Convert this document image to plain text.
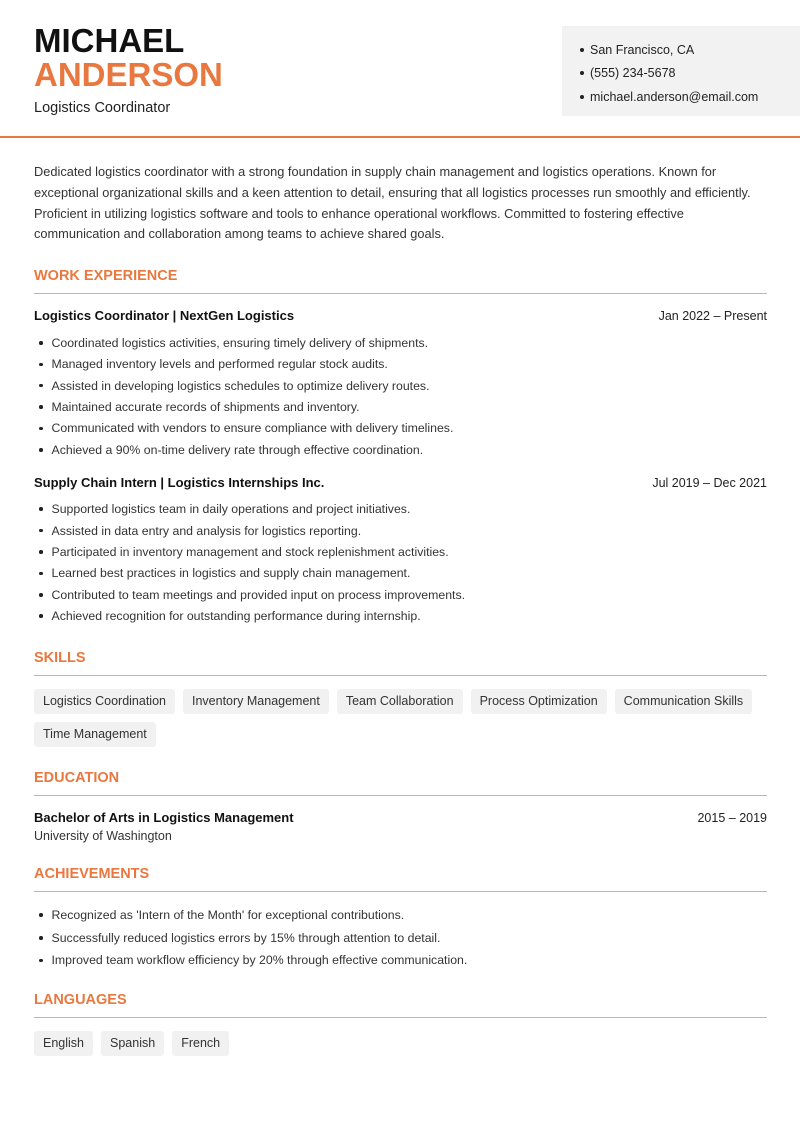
MICHAEL
ANDERSON
Logistics Coordinator
San Francisco, CA
(555) 234-5678
michael.anderson@email.com

Dedicated logistics coordinator with a strong foundation in supply chain management and logistics operations. Known for exceptional organizational skills and a keen attention to detail, ensuring that all logistics processes run smoothly and efficiently. Proficient in utilizing logistics software and tools to enhance operational workflows. Committed to fostering effective communication and collaboration among teams to achieve shared goals.

WORK EXPERIENCE
Logistics Coordinator | NextGen Logistics	Jan 2022 – Present
Coordinated logistics activities, ensuring timely delivery of shipments.
Managed inventory levels and performed regular stock audits.
Assisted in developing logistics schedules to optimize delivery routes.
Maintained accurate records of shipments and inventory.
Communicated with vendors to ensure compliance with delivery timelines.
Achieved a 90% on-time delivery rate through effective coordination.
Supply Chain Intern | Logistics Internships Inc.	Jul 2019 – Dec 2021
Supported logistics team in daily operations and project initiatives.
Assisted in data entry and analysis for logistics reporting.
Participated in inventory management and stock replenishment activities.
Learned best practices in logistics and supply chain management.
Contributed to team meetings and provided input on process improvements.
Achieved recognition for outstanding performance during internship.
SKILLS
Logistics Coordination	Inventory Management	Team Collaboration	Process Optimization	Communication Skills
Time Management
EDUCATION
Bachelor of Arts in Logistics Management	2015 – 2019
University of Washington
ACHIEVEMENTS
Recognized as 'Intern of the Month' for exceptional contributions.
Successfully reduced logistics errors by 15% through attention to detail.
Improved team workflow efficiency by 20% through effective communication.
LANGUAGES
English	Spanish	French
